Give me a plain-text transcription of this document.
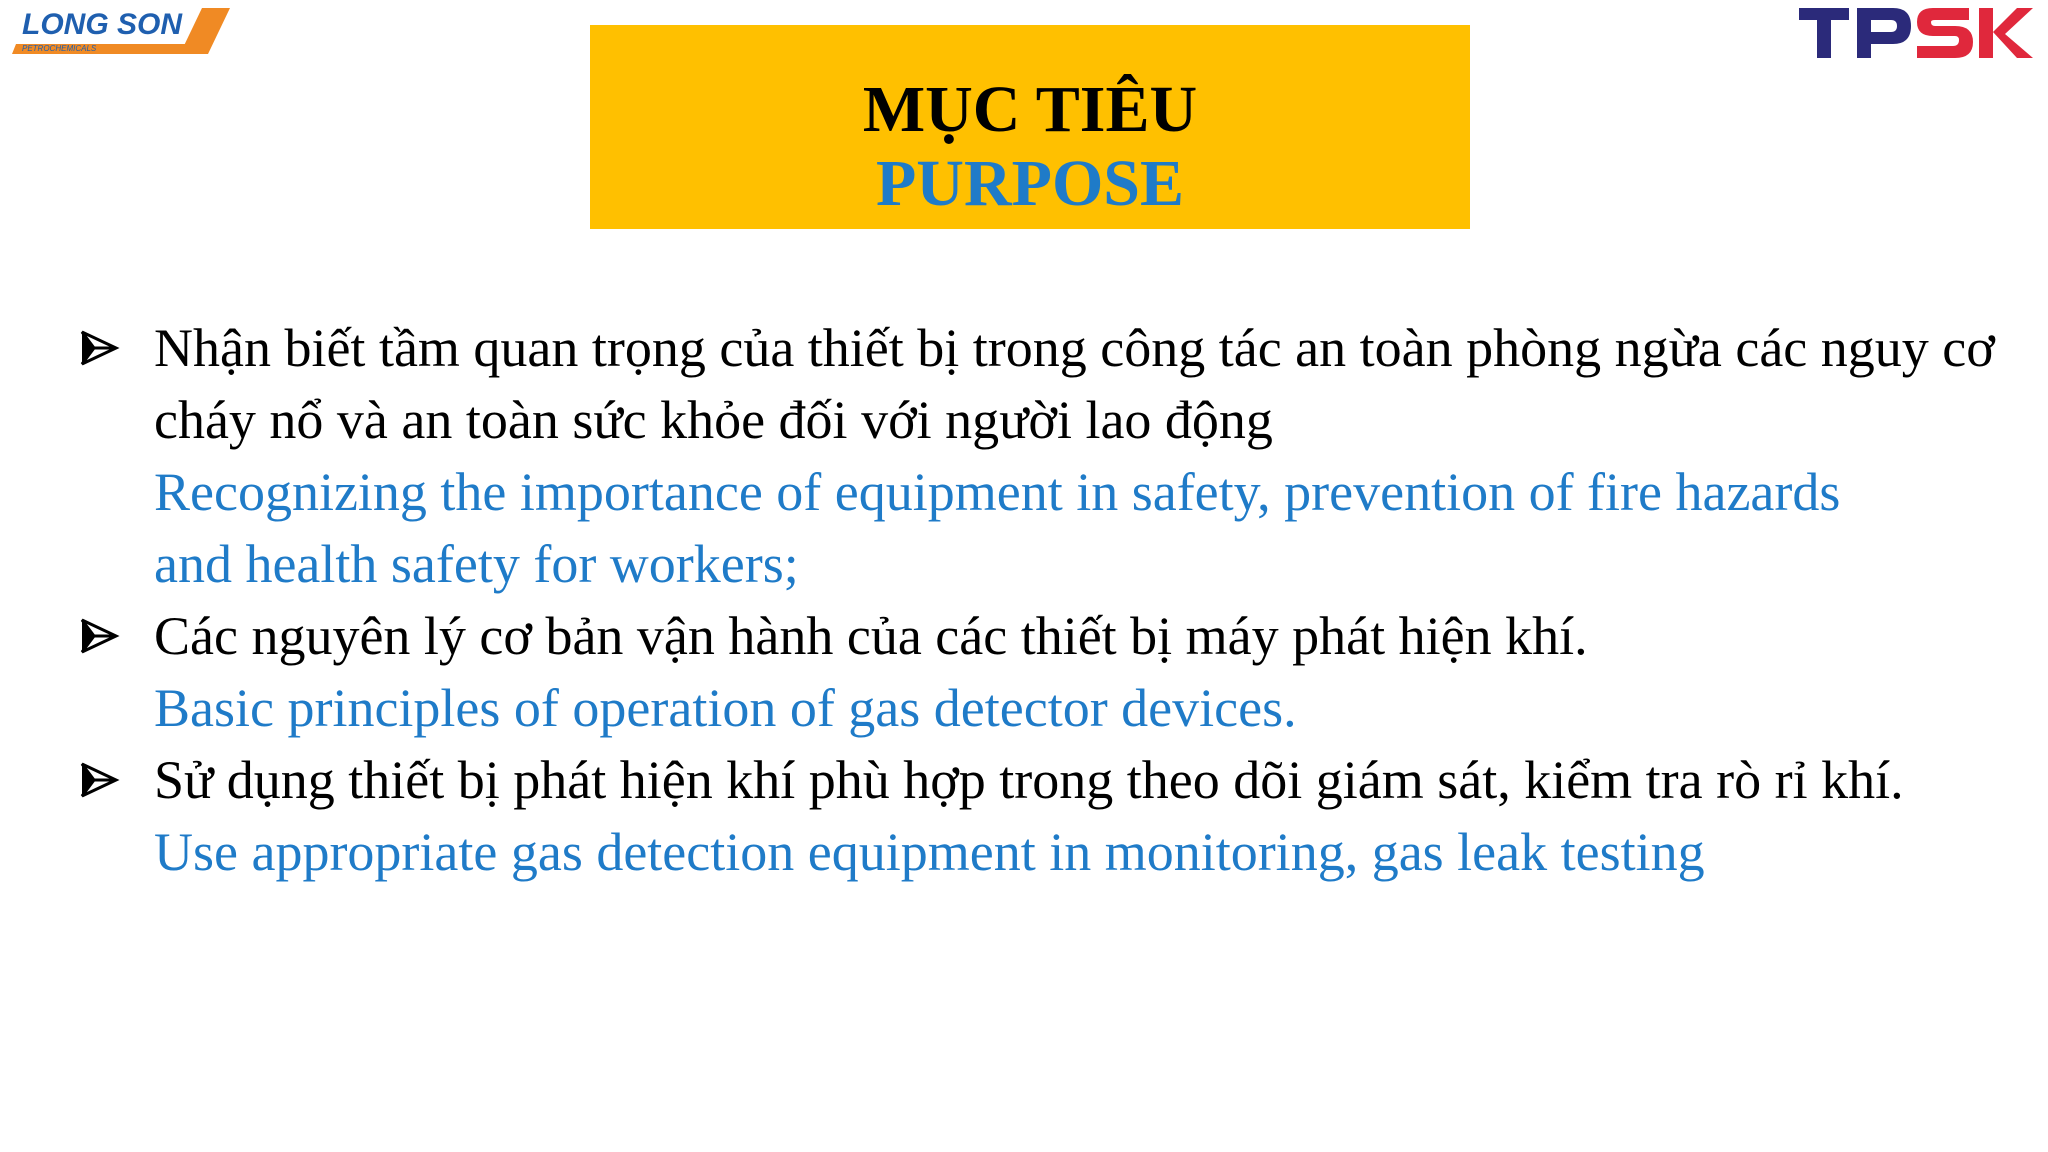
LONG SON
PETROCHEMICALS
MỤC TIÊU
PURPOSE
Nhận biết tầm quan trọng của thiết bị trong công tác an toàn phòng ngừa các nguy cơ cháy nổ và an toàn sức khỏe đối với người lao động
Recognizing the importance of equipment in safety, prevention of fire hazards and health safety for workers;
Các nguyên lý cơ bản vận hành của các thiết bị máy phát hiện khí.
Basic principles of operation of gas detector devices.
Sử dụng thiết bị phát hiện khí phù hợp trong theo dõi giám sát, kiểm tra rò rỉ khí.
Use appropriate gas detection equipment in monitoring, gas leak testing
